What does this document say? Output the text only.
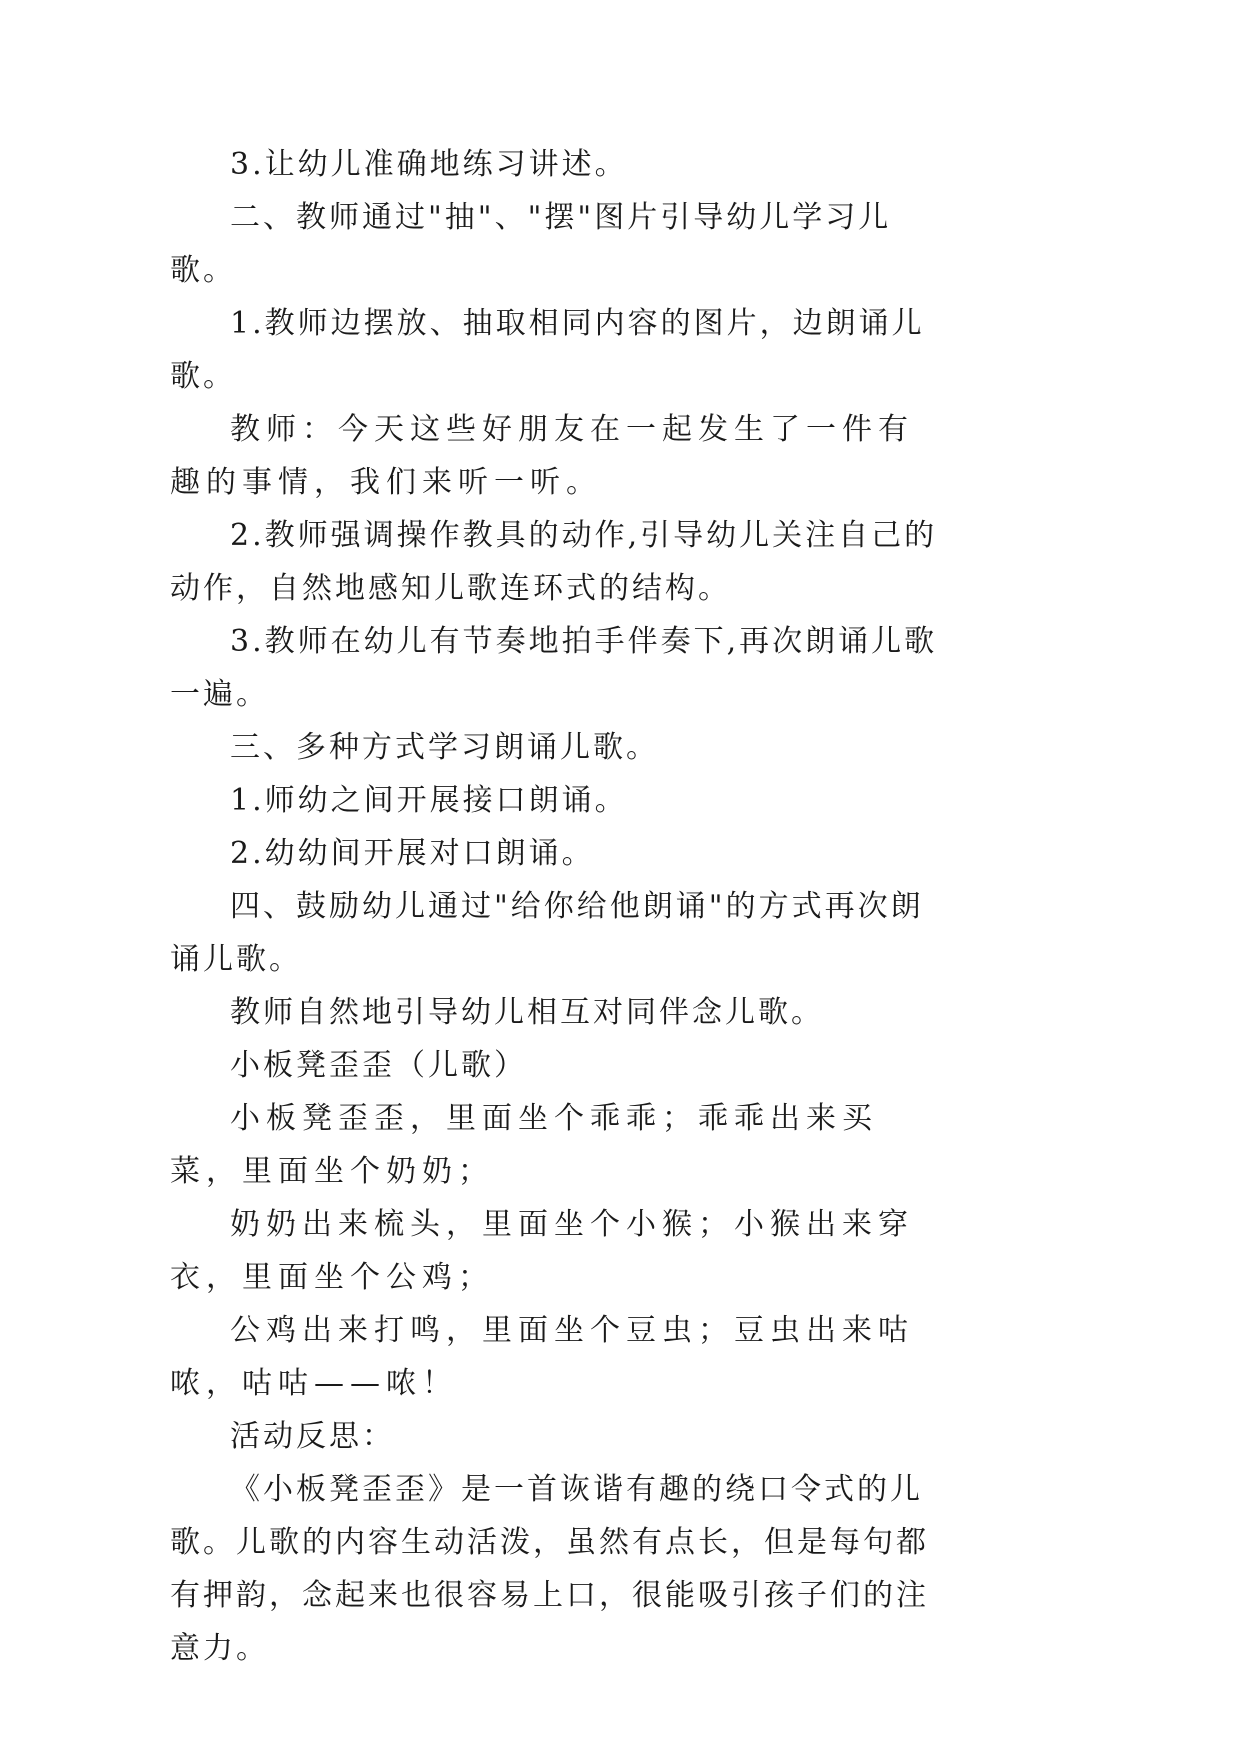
3.让幼儿准确地练习讲述。

二、教师通过"抽"、"摆"图片引导幼儿学习儿歌。

1.教师边摆放、抽取相同内容的图片，边朗诵儿歌。

教师：今天这些好朋友在一起发生了一件有趣的事情，我们来听一听。

2.教师强调操作教具的动作,引导幼儿关注自己的动作，自然地感知儿歌连环式的结构。

3.教师在幼儿有节奏地拍手伴奏下,再次朗诵儿歌一遍。

三、多种方式学习朗诵儿歌。

1.师幼之间开展接口朗诵。

2.幼幼间开展对口朗诵。

四、鼓励幼儿通过"给你给他朗诵"的方式再次朗诵儿歌。

教师自然地引导幼儿相互对同伴念儿歌。

小板凳歪歪（儿歌）

小板凳歪歪，里面坐个乖乖；乖乖出来买菜，里面坐个奶奶；

奶奶出来梳头，里面坐个小猴；小猴出来穿衣，里面坐个公鸡；

公鸡出来打鸣，里面坐个豆虫；豆虫出来咕哝，咕咕——哝！

活动反思：

《小板凳歪歪》是一首诙谐有趣的绕口令式的儿歌。儿歌的内容生动活泼，虽然有点长，但是每句都有押韵，念起来也很容易上口，很能吸引孩子们的注意力。
